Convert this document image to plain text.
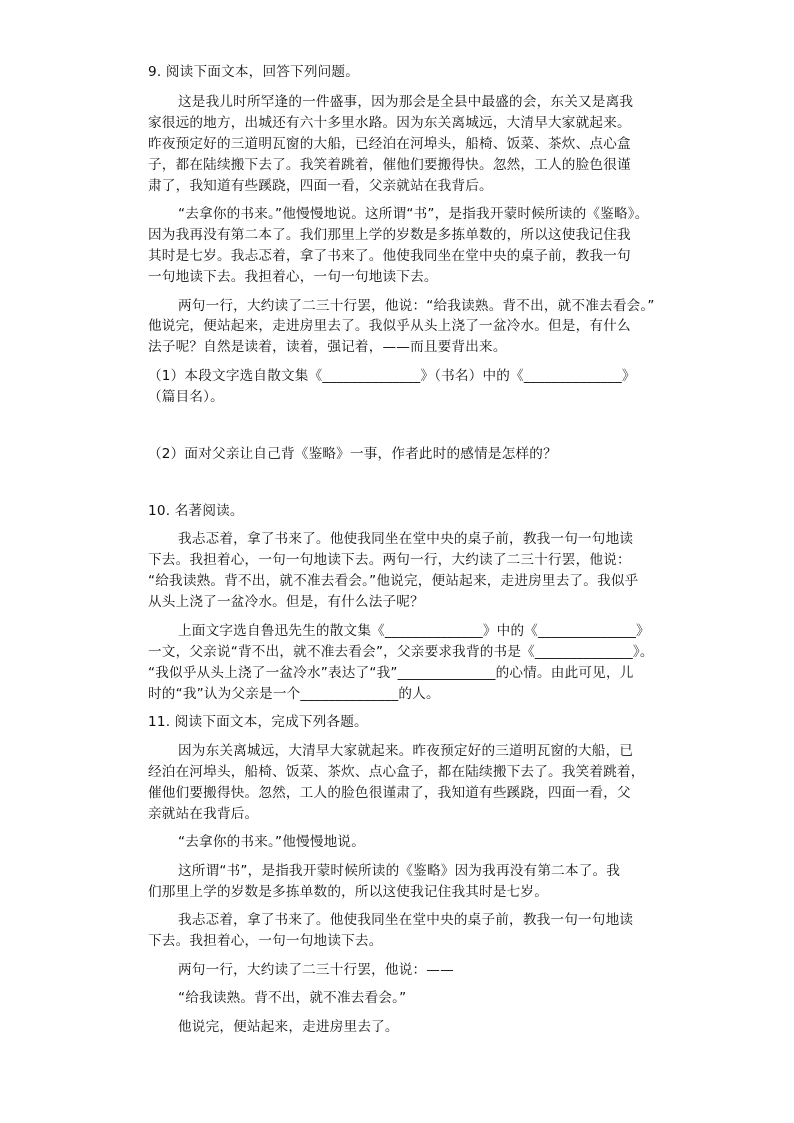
9. 阅读下面文本，回答下列问题。
这是我儿时所罕逢的一件盛事，因为那会是全县中最盛的会，东关又是离我
家很远的地方，出城还有六十多里水路。因为东关离城远，大清早大家就起来。
昨夜预定好的三道明瓦窗的大船，已经泊在河埠头，船椅、饭菜、茶炊、点心盒
子，都在陆续搬下去了。我笑着跳着，催他们要搬得快。忽然，工人的脸色很谨
肃了，我知道有些蹊跷，四面一看，父亲就站在我背后。
“去拿你的书来。”他慢慢地说。这所谓“书”，是指我开蒙时候所读的《鉴略》。
因为我再没有第二本了。我们那里上学的岁数是多拣单数的，所以这使我记住我
其时是七岁。我忐忑着，拿了书来了。他使我同坐在堂中央的桌子前，教我一句
一句地读下去。我担着心，一句一句地读下去。
两句一行，大约读了二三十行罢，他说：“给我读熟。背不出，就不准去看会。”
他说完，便站起来，走进房里去了。我似乎从头上浇了一盆冷水。但是，有什么
法子呢？自然是读着，读着，强记着，——而且要背出来。
（1）本段文字选自散文集《______________》（书名）中的《______________》
（篇目名）。
（2）面对父亲让自己背《鉴略》一事，作者此时的感情是怎样的？
10. 名著阅读。
我忐忑着，拿了书来了。他使我同坐在堂中央的桌子前，教我一句一句地读
下去。我担着心，一句一句地读下去。两句一行，大约读了二三十行罢，他说：
“给我读熟。背不出，就不准去看会。”他说完，便站起来，走进房里去了。我似乎
从头上浇了一盆冷水。但是，有什么法子呢？
上面文字选自鲁迅先生的散文集《______________》中的《______________》
一文，父亲说“背不出，就不准去看会”，父亲要求我背的书是《______________》。
“我似乎从头上浇了一盆冷水”表达了“我”______________的心情。由此可见，儿
时的“我”认为父亲是一个______________的人。
11. 阅读下面文本，完成下列各题。
因为东关离城远，大清早大家就起来。昨夜预定好的三道明瓦窗的大船，已
经泊在河埠头，船椅、饭菜、茶炊、点心盒子，都在陆续搬下去了。我笑着跳着，
催他们要搬得快。忽然，工人的脸色很谨肃了，我知道有些蹊跷，四面一看，父
亲就站在我背后。
“去拿你的书来。”他慢慢地说。
这所谓“书”，是指我开蒙时候所读的《鉴略》因为我再没有第二本了。我
们那里上学的岁数是多拣单数的，所以这使我记住我其时是七岁。
我忐忑着，拿了书来了。他使我同坐在堂中央的桌子前，教我一句一句地读
下去。我担着心，一句一句地读下去。
两句一行，大约读了二三十行罢，他说：——
“给我读熟。背不出，就不准去看会。”
他说完，便站起来，走进房里去了。
